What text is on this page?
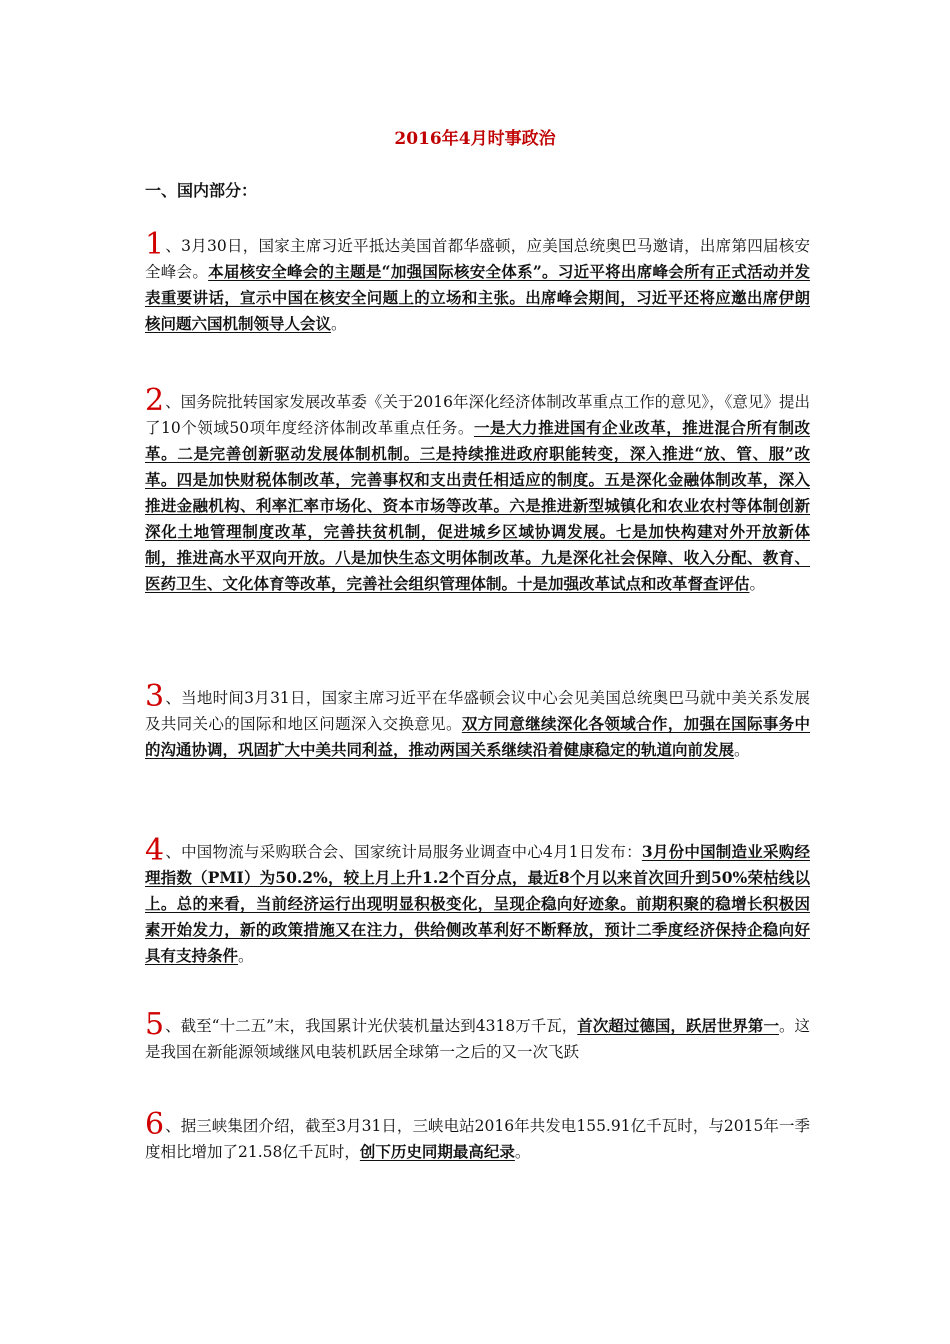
2016年4月时事政治
一、国内部分：
1、3月30日，国家主席习近平抵达美国首都华盛顿，应美国总统奥巴马邀请，出席第四届核安全峰会。本届核安全峰会的主题是“加强国际核安全体系”。习近平将出席峰会所有正式活动并发表重要讲话，宣示中国在核安全问题上的立场和主张。出席峰会期间，习近平还将应邀出席伊朗核问题六国机制领导人会议。
2、国务院批转国家发展改革委《关于2016年深化经济体制改革重点工作的意见》，《意见》提出了10个领域50项年度经济体制改革重点任务。一是大力推进国有企业改革，推进混合所有制改革。二是完善创新驱动发展体制机制。三是持续推进政府职能转变，深入推进“放、管、服”改革。四是加快财税体制改革，完善事权和支出责任相适应的制度。五是深化金融体制改革，深入推进金融机构、利率汇率市场化、资本市场等改革。六是推进新型城镇化和农业农村等体制创新深化土地管理制度改革，完善扶贫机制，促进城乡区域协调发展。七是加快构建对外开放新体制，推进高水平双向开放。八是加快生态文明体制改革。九是深化社会保障、收入分配、教育、医药卫生、文化体育等改革，完善社会组织管理体制。十是加强改革试点和改革督查评估。
3、当地时间3月31日，国家主席习近平在华盛顿会议中心会见美国总统奥巴马就中美关系发展及共同关心的国际和地区问题深入交换意见。双方同意继续深化各领域合作，加强在国际事务中的沟通协调，巩固扩大中美共同利益，推动两国关系继续沿着健康稳定的轨道向前发展。
4、中国物流与采购联合会、国家统计局服务业调查中心4月1日发布：3月份中国制造业采购经理指数（PMI）为50.2%，较上月上升1.2个百分点，最近8个月以来首次回升到50%荣枯线以上。总的来看，当前经济运行出现明显积极变化，呈现企稳向好迹象。前期积聚的稳增长积极因素开始发力，新的政策措施又在注力，供给侧改革利好不断释放，预计二季度经济保持企稳向好具有支持条件。
5、截至“十二五”末，我国累计光伏装机量达到4318万千瓦，首次超过德国，跃居世界第一。这是我国在新能源领域继风电装机跃居全球第一之后的又一次飞跃
6、据三峡集团介绍，截至3月31日，三峡电站2016年共发电155.91亿千瓦时，与2015年一季度相比增加了21.58亿千瓦时，创下历史同期最高纪录。
